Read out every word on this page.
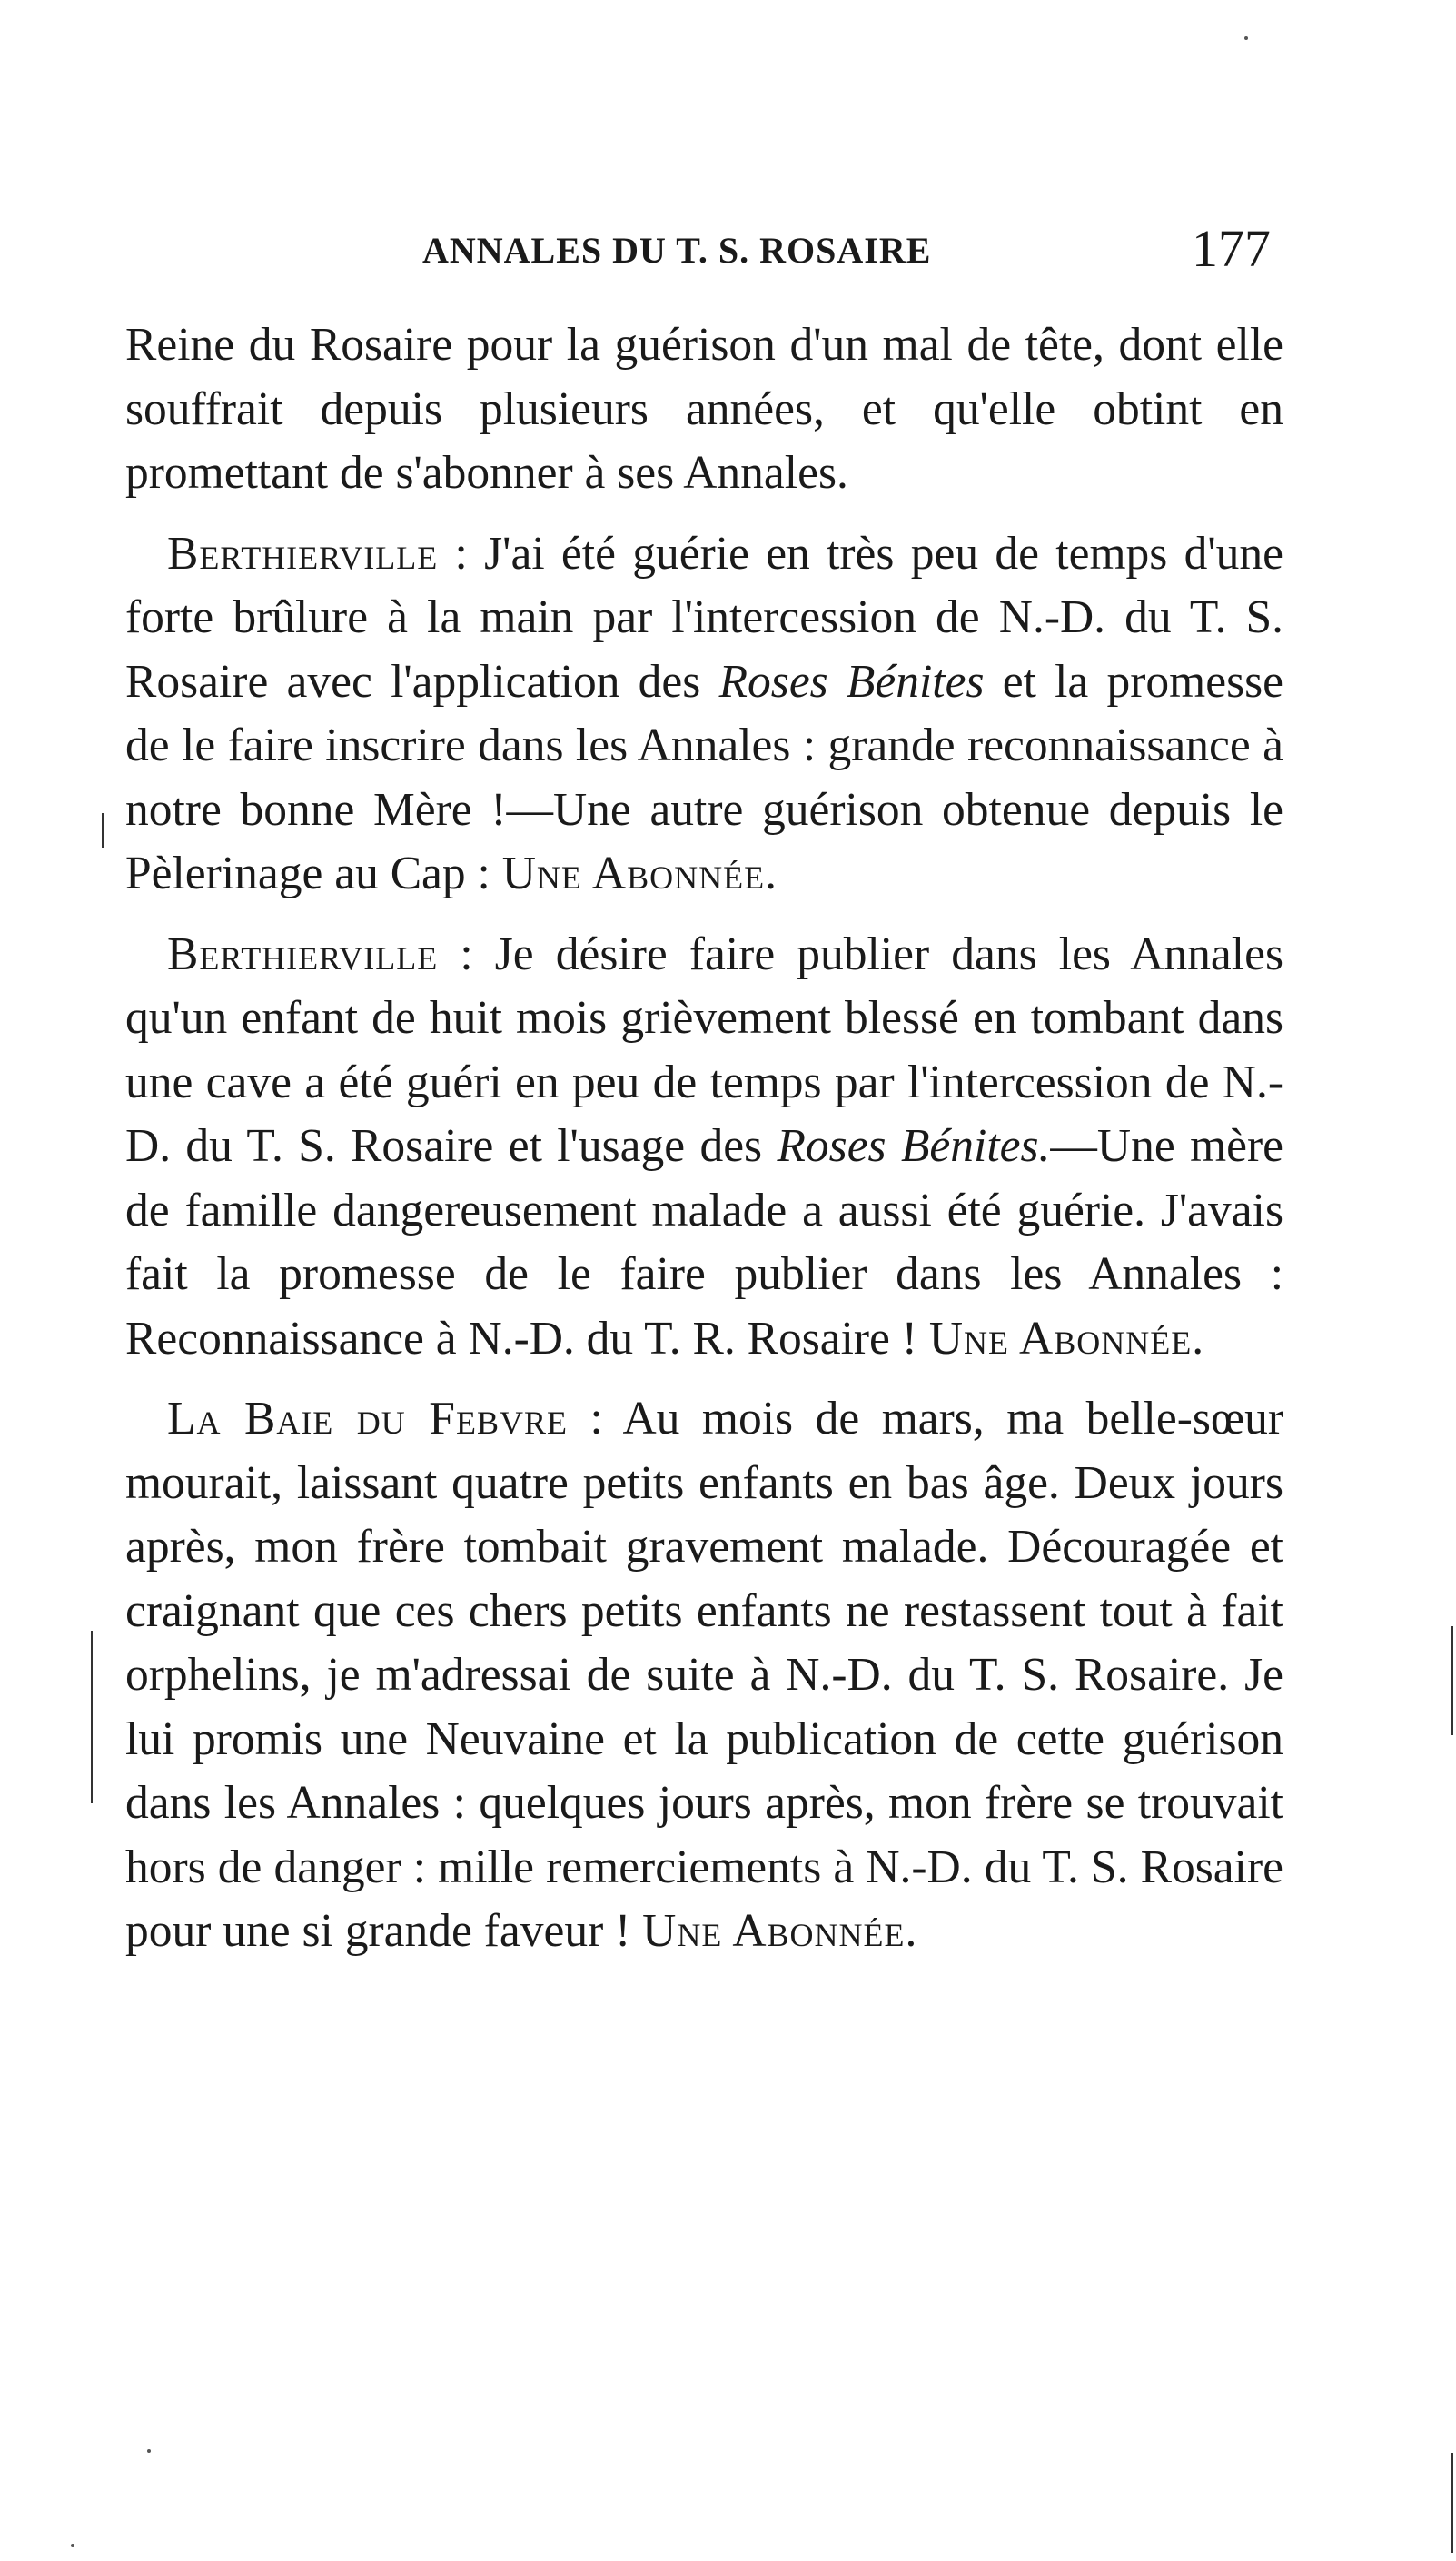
ANNALES DU T. S. ROSAIRE	177

Reine du Rosaire pour la guérison d'un mal de tête, dont elle souffrait depuis plusieurs années, et qu'elle obtint en promettant de s'abonner à ses Annales.

Berthierville : J'ai été guérie en très peu de temps d'une forte brûlure à la main par l'intercession de N.-D. du T. S. Rosaire avec l'application des Roses Bénites et la promesse de le faire inscrire dans les Annales : grande reconnaissance à notre bonne Mère !—Une autre guérison obtenue depuis le Pèlerinage au Cap : Une Abonnée.

Berthierville : Je désire faire publier dans les Annales qu'un enfant de huit mois grièvement blessé en tombant dans une cave a été guéri en peu de temps par l'intercession de N.-D. du T. S. Rosaire et l'usage des Roses Bénites.—Une mère de famille dangereusement malade a aussi été guérie. J'avais fait la promesse de le faire publier dans les Annales : Reconnaissance à N.-D. du T. R. Rosaire ! Une Abonnée.

La Baie du Febvre : Au mois de mars, ma belle-sœur mourait, laissant quatre petits enfants en bas âge. Deux jours après, mon frère tombait gravement malade. Découragée et craignant que ces chers petits enfants ne restassent tout à fait orphelins, je m'adressai de suite à N.-D. du T. S. Rosaire. Je lui promis une Neuvaine et la publication de cette guérison dans les Annales : quelques jours après, mon frère se trouvait hors de danger : mille remerciements à N.-D. du T. S. Rosaire pour une si grande faveur ! Une Abonnée.
